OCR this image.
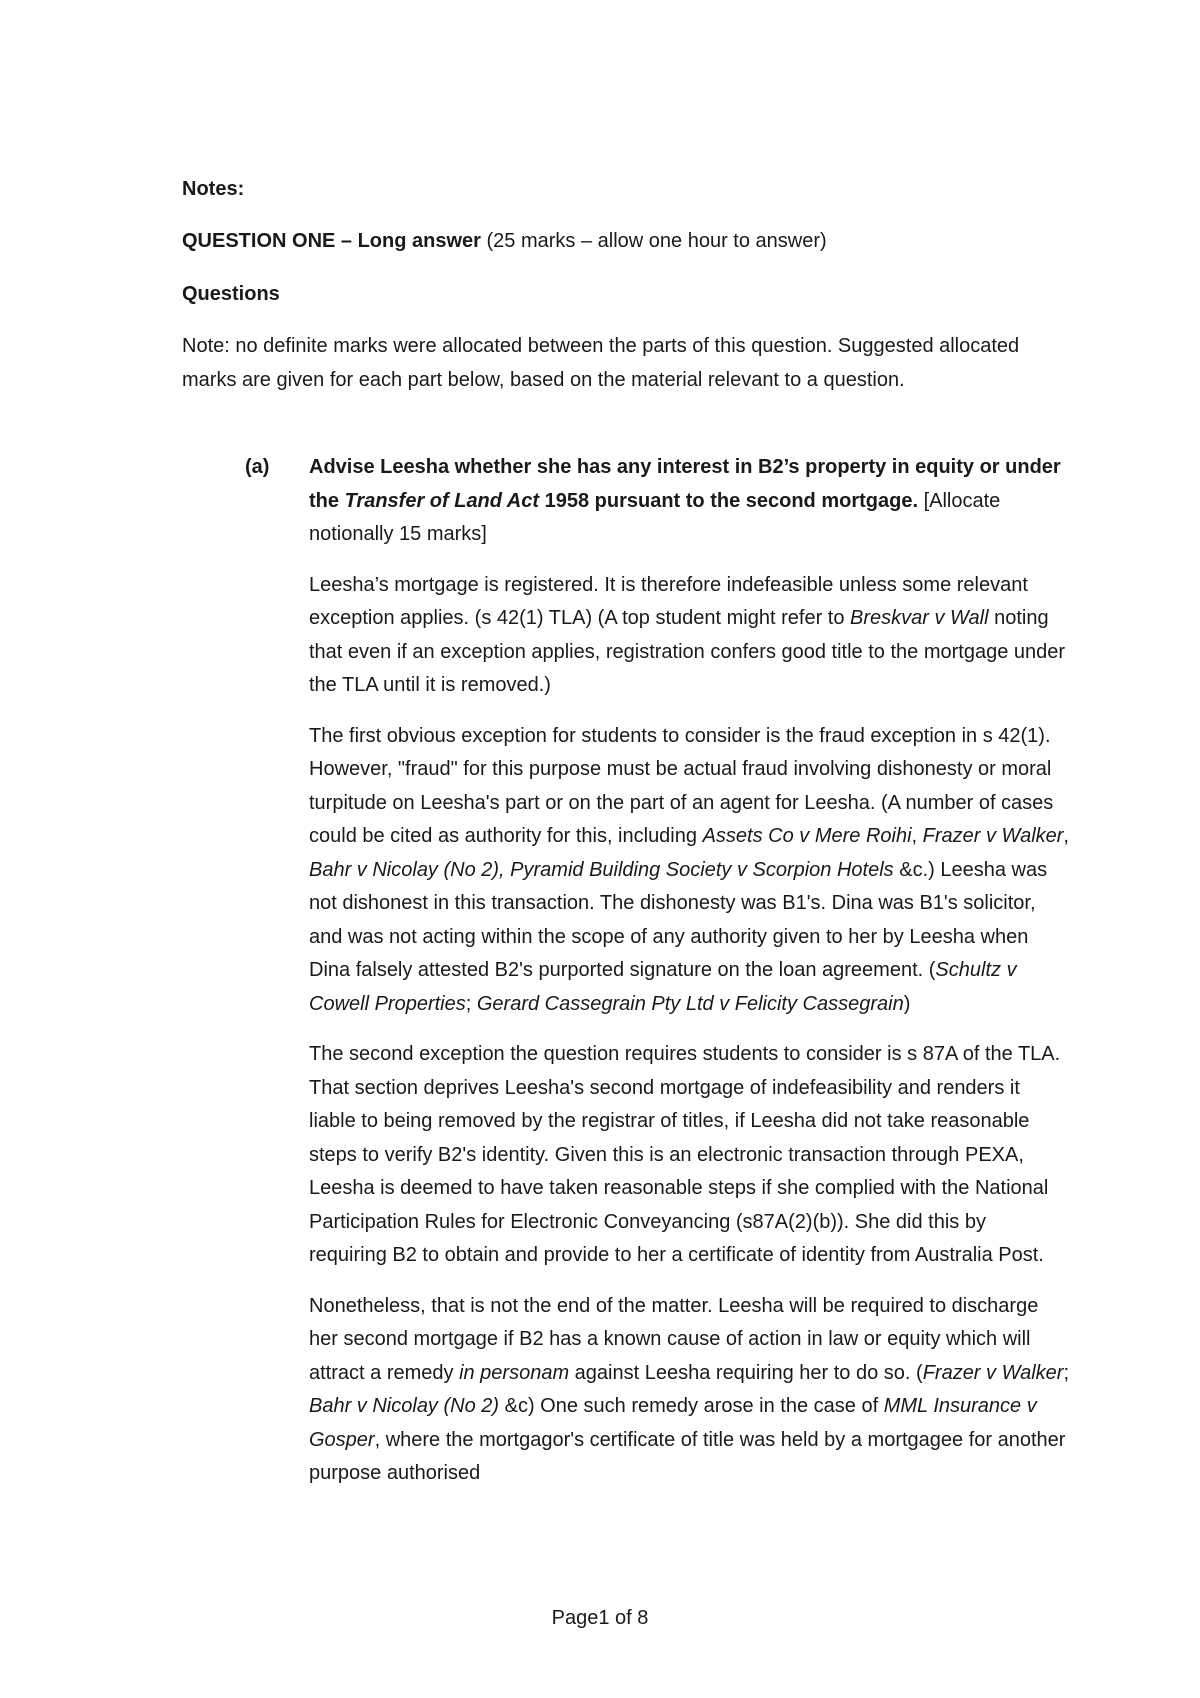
Notes:

QUESTION ONE – Long answer (25 marks – allow one hour to answer)

Questions

Note: no definite marks were allocated between the parts of this question. Suggested allocated marks are given for each part below, based on the material relevant to a question.

(a) Advise Leesha whether she has any interest in B2’s property in equity or under the Transfer of Land Act 1958 pursuant to the second mortgage. [Allocate notionally 15 marks]

Leesha’s mortgage is registered. It is therefore indefeasible unless some relevant exception applies. (s 42(1) TLA) (A top student might refer to Breskvar v Wall noting that even if an exception applies, registration confers good title to the mortgage under the TLA until it is removed.)

The first obvious exception for students to consider is the fraud exception in s 42(1). However, "fraud" for this purpose must be actual fraud involving dishonesty or moral turpitude on Leesha's part or on the part of an agent for Leesha. (A number of cases could be cited as authority for this, including Assets Co v Mere Roihi, Frazer v Walker, Bahr v Nicolay (No 2), Pyramid Building Society v Scorpion Hotels &c.) Leesha was not dishonest in this transaction. The dishonesty was B1's. Dina was B1's solicitor, and was not acting within the scope of any authority given to her by Leesha when Dina falsely attested B2's purported signature on the loan agreement. (Schultz v Cowell Properties; Gerard Cassegrain Pty Ltd v Felicity Cassegrain)

The second exception the question requires students to consider is s 87A of the TLA. That section deprives Leesha's second mortgage of indefeasibility and renders it liable to being removed by the registrar of titles, if Leesha did not take reasonable steps to verify B2's identity. Given this is an electronic transaction through PEXA, Leesha is deemed to have taken reasonable steps if she complied with the National Participation Rules for Electronic Conveyancing (s87A(2)(b)). She did this by requiring B2 to obtain and provide to her a certificate of identity from Australia Post.

Nonetheless, that is not the end of the matter. Leesha will be required to discharge her second mortgage if B2 has a known cause of action in law or equity which will attract a remedy in personam against Leesha requiring her to do so. (Frazer v Walker; Bahr v Nicolay (No 2) &c) One such remedy arose in the case of MML Insurance v Gosper, where the mortgagor's certificate of title was held by a mortgagee for another purpose authorised

Page1 of 8
